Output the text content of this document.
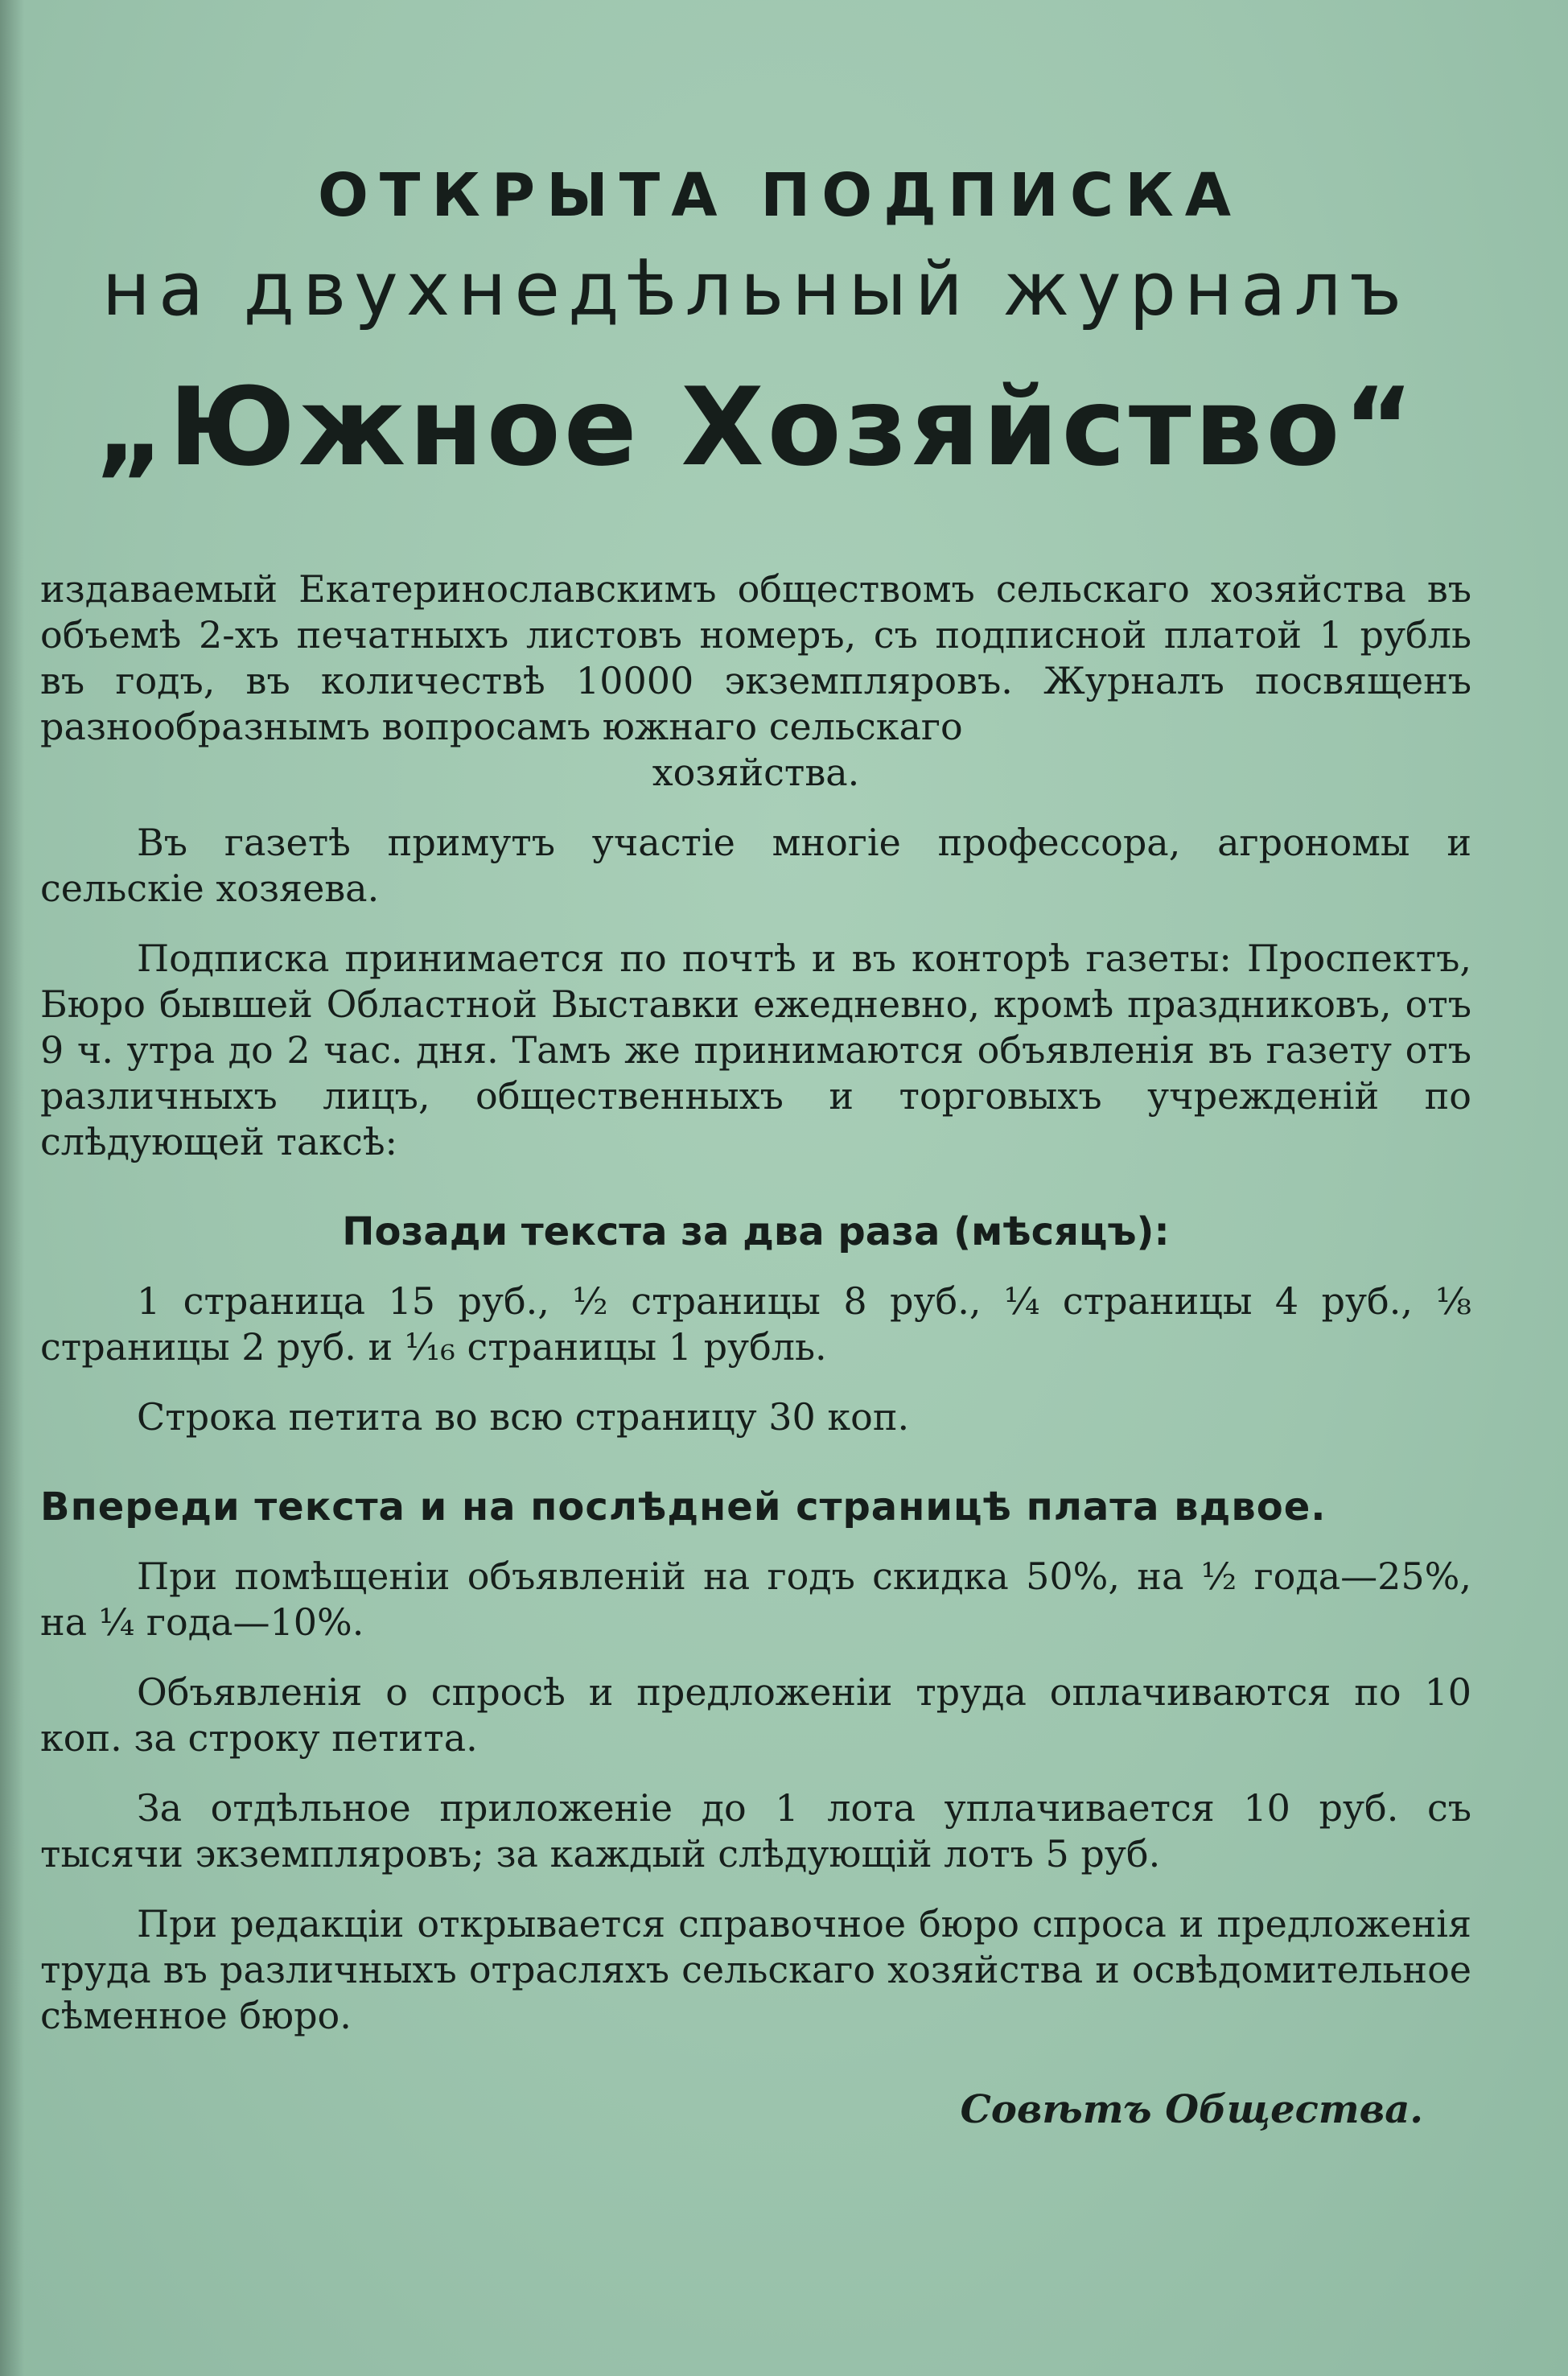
ОТКРЫТА ПОДПИСКА
на двухнедѣльный журналъ
„Южное Хозяйство“

издаваемый Екатеринославскимъ обществомъ сельскаго хозяйства въ объемѣ 2-хъ печатныхъ листовъ номеръ, съ подписной платой 1 рубль въ годъ, въ количествѣ 10000 экземпляровъ. Журналъ посвященъ разнообразнымъ вопросамъ южнаго сельскаго
хозяйства.

Въ газетѣ примутъ участіе многіе профессора, агрономы и сельскіе хозяева.

Подписка принимается по почтѣ и въ конторѣ газеты: Проспектъ, Бюро бывшей Областной Выставки ежедневно, кромѣ праздниковъ, отъ 9 ч. утра до 2 час. дня. Тамъ же принимаются объявленія въ газету отъ различныхъ лицъ, общественныхъ и торговыхъ учрежденій по слѣдующей таксѣ:

Позади текста за два раза (мѣсяцъ):

1 страница 15 руб., ½ страницы 8 руб., ¼ страницы 4 руб., ⅛ страницы 2 руб. и ¹⁄₁₆ страницы 1 рубль.

Строка петита во всю страницу 30 коп.

Впереди текста и на послѣдней страницѣ плата вдвое.

При помѣщеніи объявленій на годъ скидка 50%, на ½ года—25%, на ¼ года—10%.

Объявленія о спросѣ и предложеніи труда оплачиваются по 10 коп. за строку петита.

За отдѣльное приложеніе до 1 лота уплачивается 10 руб. съ тысячи экземпляровъ; за каждый слѣдующій лотъ 5 руб.

При редакціи открывается справочное бюро спроса и предложенія труда въ различныхъ отрасляхъ сельскаго хозяйства и освѣдомительное сѣменное бюро.

Совѣтъ Общества.
